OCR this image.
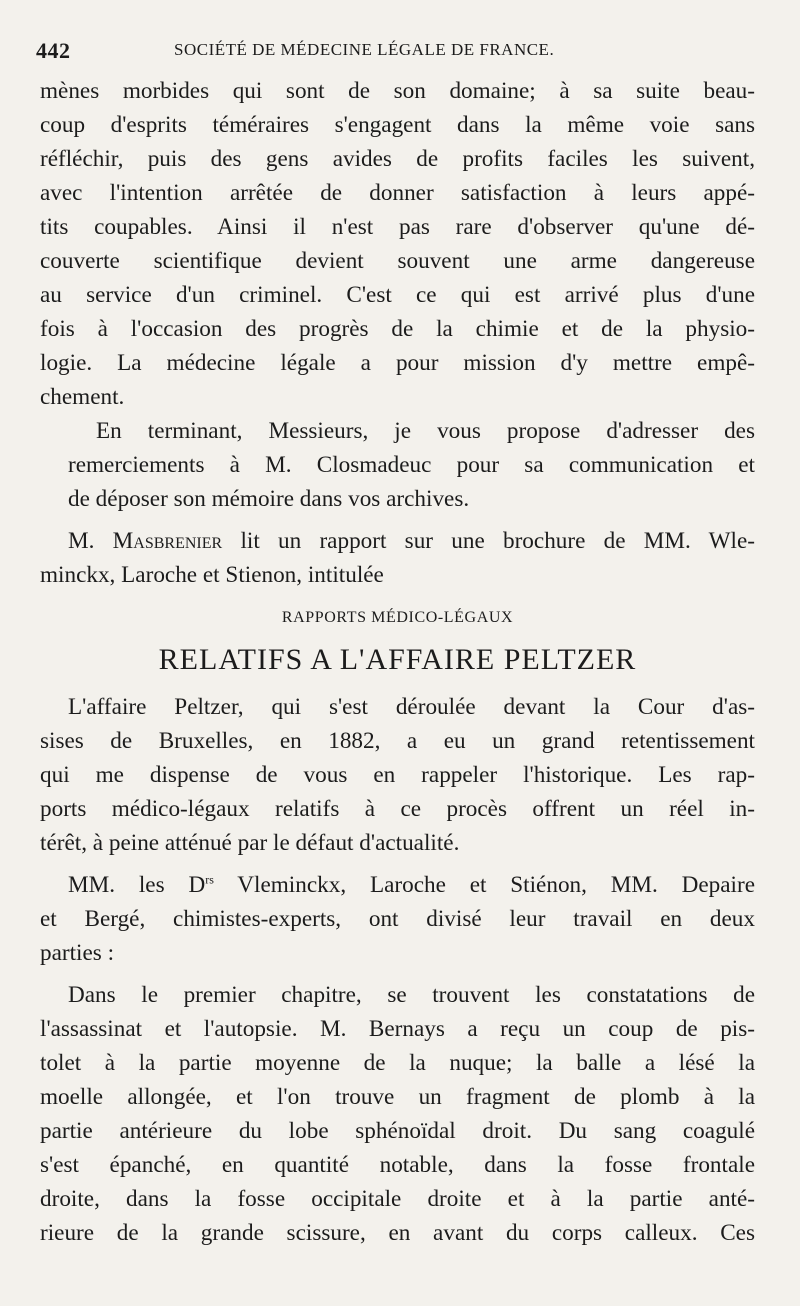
442	SOCIÉTÉ DE MÉDECINE LÉGALE DE FRANCE.

mènes morbides qui sont de son domaine; à sa suite beau-
coup d'esprits téméraires s'engagent dans la même voie sans
réfléchir, puis des gens avides de profits faciles les suivent,
avec l'intention arrêtée de donner satisfaction à leurs appé-
tits coupables. Ainsi il n'est pas rare d'observer qu'une dé-
couverte scientifique devient souvent une arme dangereuse
au service d'un criminel. C'est ce qui est arrivé plus d'une
fois à l'occasion des progrès de la chimie et de la physio-
logie. La médecine légale a pour mission d'y mettre empê-
chement.

En terminant, Messieurs, je vous propose d'adresser des
remerciements à M. Closmadeuc pour sa communication et
de déposer son mémoire dans vos archives.

M. Masbrenier lit un rapport sur une brochure de MM. Wle-
minckx, Laroche et Stienon, intitulée

RAPPORTS MÉDICO-LÉGAUX
RELATIFS A L'AFFAIRE PELTZER

L'affaire Peltzer, qui s'est déroulée devant la Cour d'as-
sises de Bruxelles, en 1882, a eu un grand retentissement
qui me dispense de vous en rappeler l'historique. Les rap-
ports médico-légaux relatifs à ce procès offrent un réel in-
térêt, à peine atténué par le défaut d'actualité.

MM. les $D^{rs}$ Vleminckx, Laroche et Stiénon, MM. Depaire
et Bergé, chimistes-experts, ont divisé leur travail en deux
parties :

Dans le premier chapitre, se trouvent les constatations de
l'assassinat et l'autopsie. M. Bernays a reçu un coup de pis-
tolet à la partie moyenne de la nuque; la balle a lésé la
moelle allongée, et l'on trouve un fragment de plomb à la
partie antérieure du lobe sphénoïdal droit. Du sang coagulé
s'est épanché, en quantité notable, dans la fosse frontale
droite, dans la fosse occipitale droite et à la partie anté-
rieure de la grande scissure, en avant du corps calleux. Ces
